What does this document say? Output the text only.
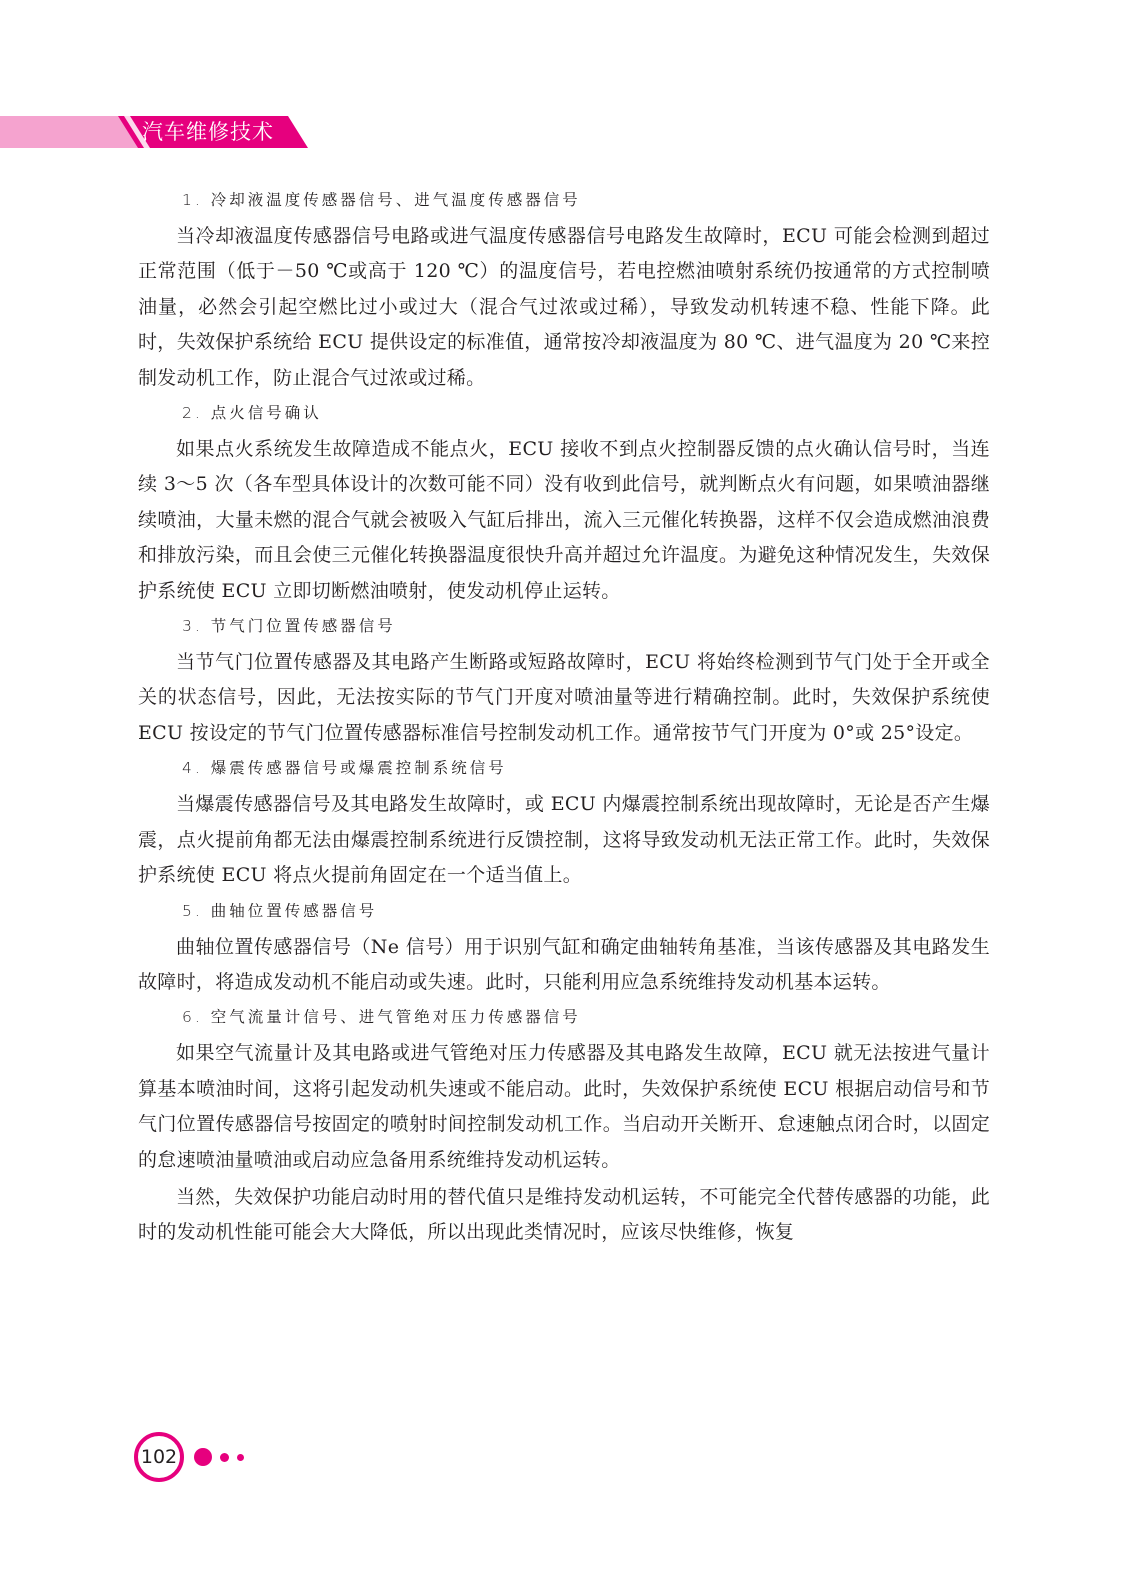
汽车维修技术
1. 冷却液温度传感器信号、进气温度传感器信号

当冷却液温度传感器信号电路或进气温度传感器信号电路发生故障时，ECU 可能会检测到超过正常范围（低于－50 ℃或高于 120 ℃）的温度信号，若电控燃油喷射系统仍按通常的方式控制喷油量，必然会引起空燃比过小或过大（混合气过浓或过稀），导致发动机转速不稳、性能下降。此时，失效保护系统给 ECU 提供设定的标准值，通常按冷却液温度为 80 ℃、进气温度为 20 ℃来控制发动机工作，防止混合气过浓或过稀。

2. 点火信号确认

如果点火系统发生故障造成不能点火，ECU 接收不到点火控制器反馈的点火确认信号时，当连续 3～5 次（各车型具体设计的次数可能不同）没有收到此信号，就判断点火有问题，如果喷油器继续喷油，大量未燃的混合气就会被吸入气缸后排出，流入三元催化转换器，这样不仅会造成燃油浪费和排放污染，而且会使三元催化转换器温度很快升高并超过允许温度。为避免这种情况发生，失效保护系统使 ECU 立即切断燃油喷射，使发动机停止运转。

3. 节气门位置传感器信号

当节气门位置传感器及其电路产生断路或短路故障时，ECU 将始终检测到节气门处于全开或全关的状态信号，因此，无法按实际的节气门开度对喷油量等进行精确控制。此时，失效保护系统使 ECU 按设定的节气门位置传感器标准信号控制发动机工作。通常按节气门开度为 0°或 25°设定。

4. 爆震传感器信号或爆震控制系统信号

当爆震传感器信号及其电路发生故障时，或 ECU 内爆震控制系统出现故障时，无论是否产生爆震，点火提前角都无法由爆震控制系统进行反馈控制，这将导致发动机无法正常工作。此时，失效保护系统使 ECU 将点火提前角固定在一个适当值上。

5. 曲轴位置传感器信号

曲轴位置传感器信号（Ne 信号）用于识别气缸和确定曲轴转角基准，当该传感器及其电路发生故障时，将造成发动机不能启动或失速。此时，只能利用应急系统维持发动机基本运转。

6. 空气流量计信号、进气管绝对压力传感器信号

如果空气流量计及其电路或进气管绝对压力传感器及其电路发生故障，ECU 就无法按进气量计算基本喷油时间，这将引起发动机失速或不能启动。此时，失效保护系统使 ECU 根据启动信号和节气门位置传感器信号按固定的喷射时间控制发动机工作。当启动开关断开、怠速触点闭合时，以固定的怠速喷油量喷油或启动应急备用系统维持发动机运转。

当然，失效保护功能启动时用的替代值只是维持发动机运转，不可能完全代替传感器的功能，此时的发动机性能可能会大大降低，所以出现此类情况时，应该尽快维修，恢复

102
